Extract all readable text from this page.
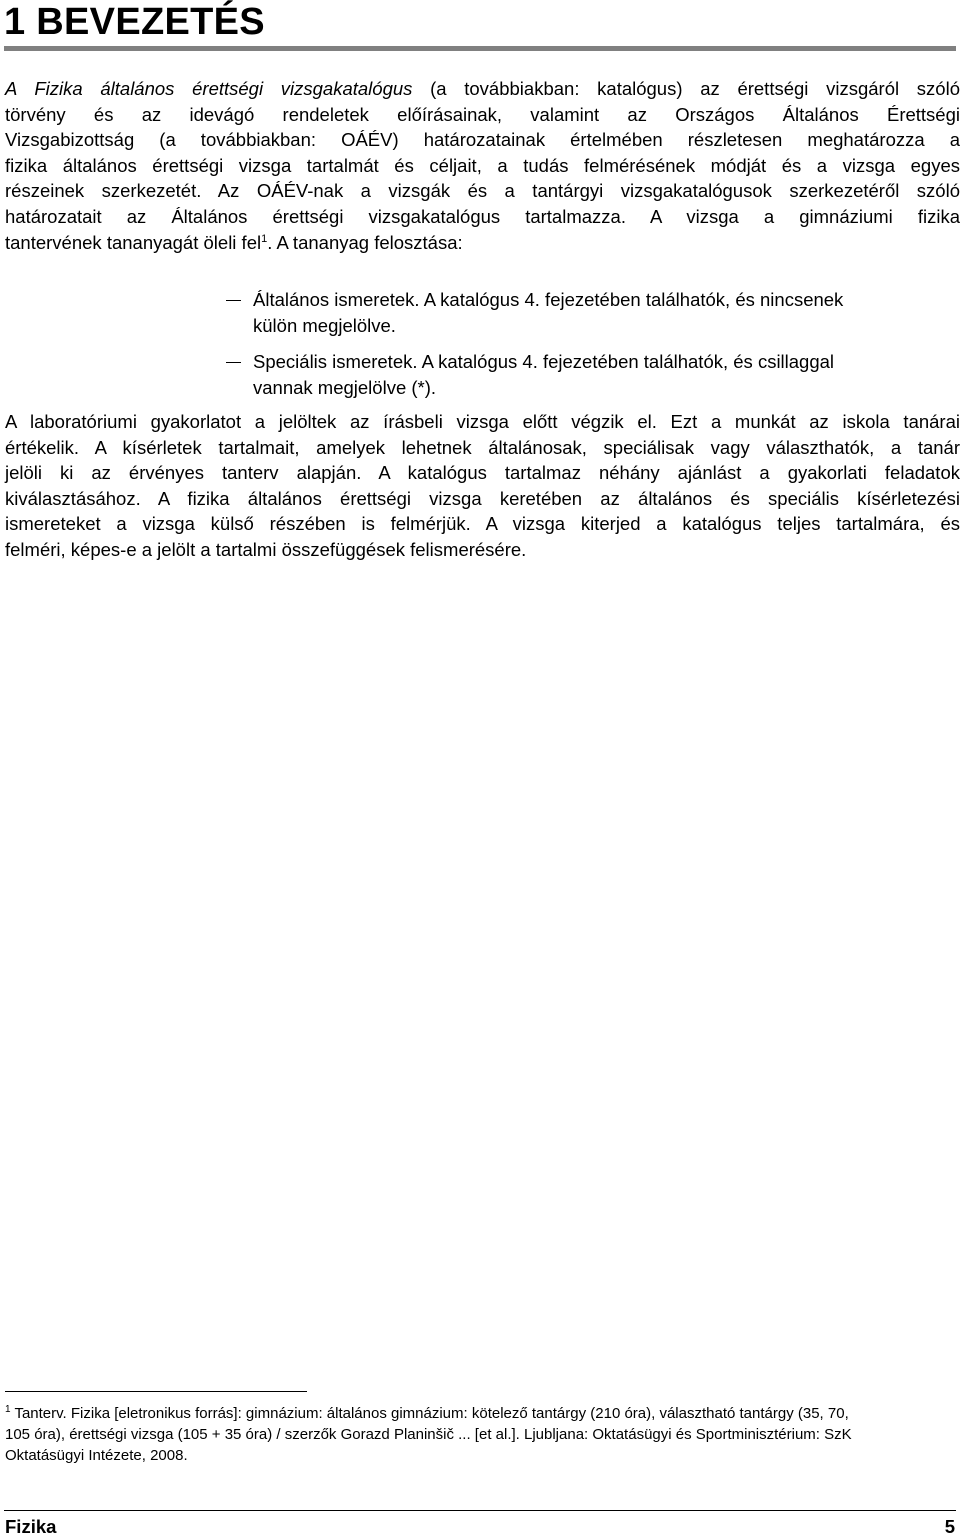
1 BEVEZETÉS
A Fizika általános érettségi vizsgakatalógus (a továbbiakban: katalógus) az érettségi vizsgáról szóló
törvény és az idevágó rendeletek előírásainak, valamint az Országos Általános Érettségi
Vizsgabizottság (a továbbiakban: OÁÉV) határozatainak értelmében részletesen meghatározza a
fizika általános érettségi vizsga tartalmát és céljait, a tudás felmérésének módját és a vizsga egyes
részeinek szerkezetét. Az OÁÉV-nak a vizsgák és a tantárgyi vizsgakatalógusok szerkezetéről szóló
határozatait az Általános érettségi vizsgakatalógus tartalmazza. A vizsga a gimnáziumi fizika
tantervének tananyagát öleli fel$^1$. A tananyag felosztása:
Általános ismeretek. A katalógus 4. fejezetében találhatók, és nincsenek
külön megjelölve.
Speciális ismeretek. A katalógus 4. fejezetében találhatók, és csillaggal
vannak megjelölve (*).
A laboratóriumi gyakorlatot a jelöltek az írásbeli vizsga előtt végzik el. Ezt a munkát az iskola tanárai
értékelik. A kísérletek tartalmait, amelyek lehetnek általánosak, speciálisak vagy választhatók, a tanár
jelöli ki az érvényes tanterv alapján. A katalógus tartalmaz néhány ajánlást a gyakorlati feladatok
kiválasztásához. A fizika általános érettségi vizsga keretében az általános és speciális kísérletezési
ismereteket a vizsga külső részében is felmérjük. A vizsga kiterjed a katalógus teljes tartalmára, és
felméri, képes-e a jelölt a tartalmi összefüggések felismerésére.
$^1$ Tanterv. Fizika [eletronikus forrás]: gimnázium: általános gimnázium: kötelező tantárgy (210 óra), választható tantárgy (35, 70,
105 óra), érettségi vizsga (105 + 35 óra) / szerzők Gorazd Planinšič ... [et al.]. Ljubljana: Oktatásügyi és Sportminisztérium: SzK
Oktatásügyi Intézete, 2008.
Fizika	5
